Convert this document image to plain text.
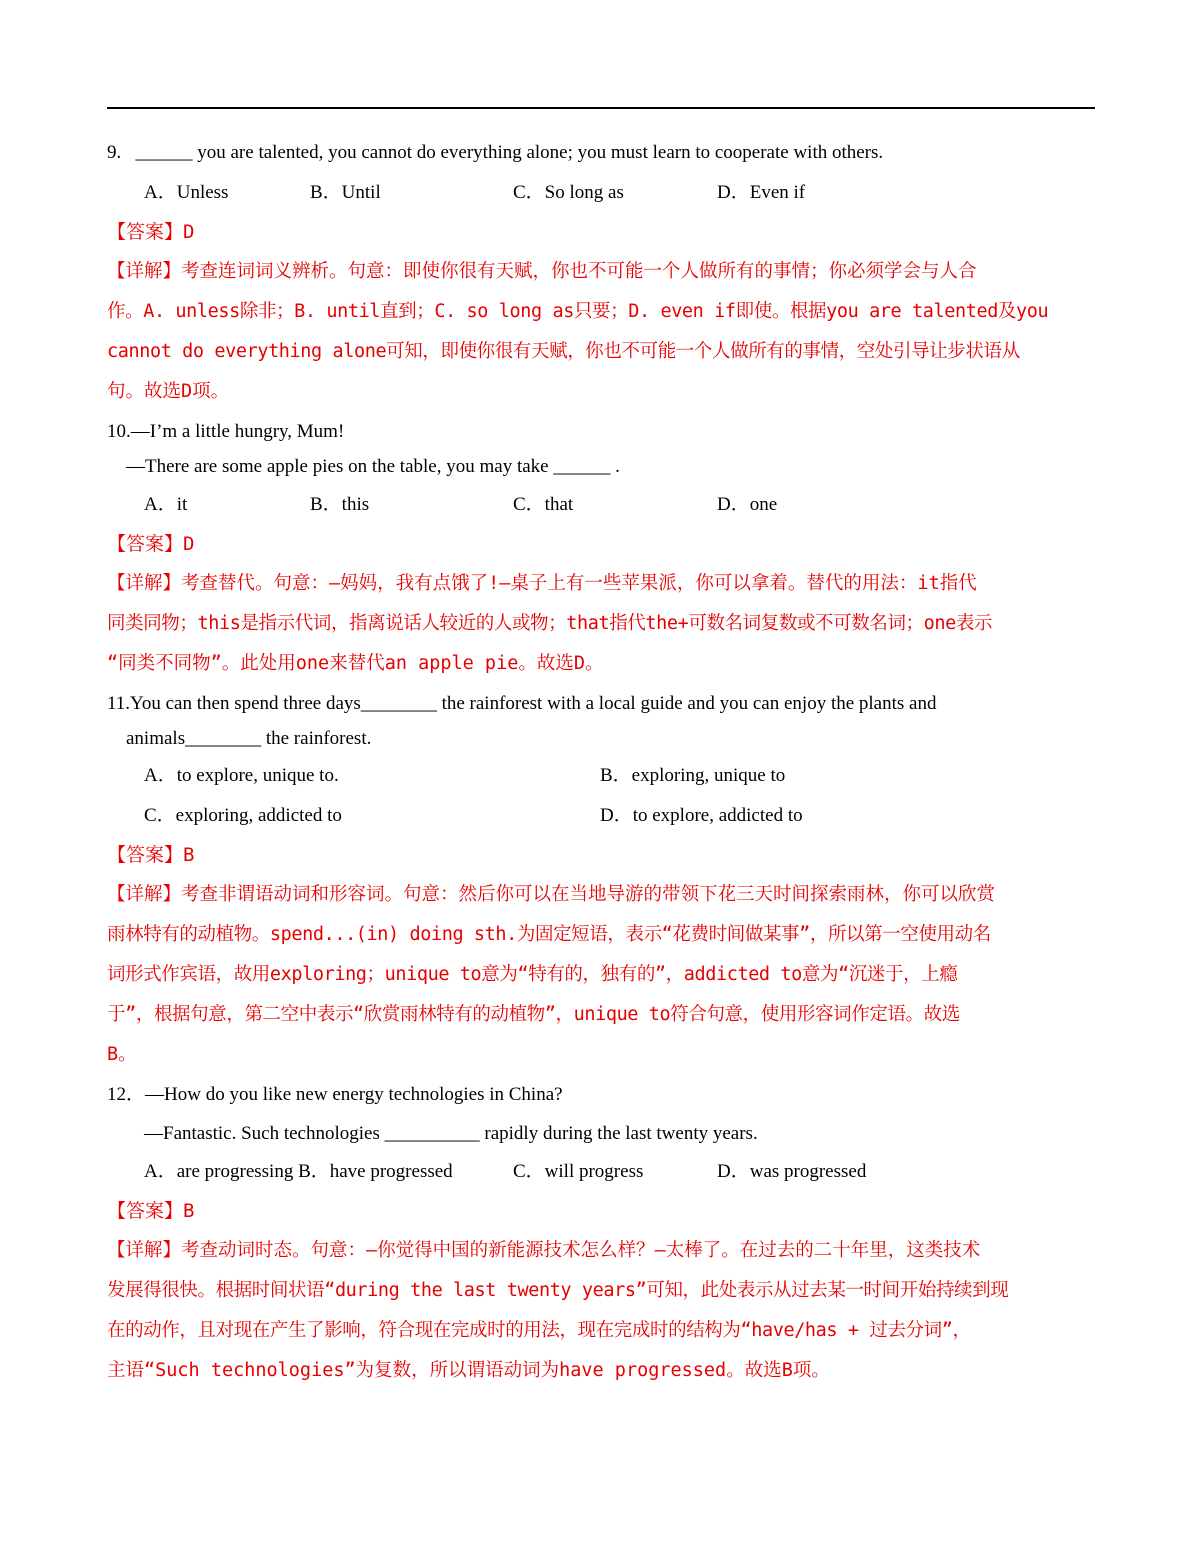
9.   ______ you are talented, you cannot do everything alone; you must learn to cooperate with others.
A．Unless	B．Until	C．So long as	D．Even if
【答案】D
【详解】考查连词词义辨析。句意：即使你很有天赋，你也不可能一个人做所有的事情；你必须学会与人合
作。A. unless除非；B. until直到；C. so long as只要；D. even if即使。根据you are talented及you
cannot do everything alone可知，即使你很有天赋，你也不可能一个人做所有的事情，空处引导让步状语从
句。故选D项。
10.—I’m a little hungry, Mum!
—There are some apple pies on the table, you may take ______ .
A．it	B．this	C．that	D．one
【答案】D
【详解】考查替代。句意：—妈妈，我有点饿了!—桌子上有一些苹果派，你可以拿着。替代的用法：it指代
同类同物；this是指示代词，指离说话人较近的人或物；that指代the+可数名词复数或不可数名词；one表示
“同类不同物”。此处用one来替代an apple pie。故选D。
11.You can then spend three days________ the rainforest with a local guide and you can enjoy the plants and
animals________ the rainforest.
A．to explore, unique to.	B．exploring, unique to
C．exploring, addicted to	D．to explore, addicted to
【答案】B
【详解】考查非谓语动词和形容词。句意：然后你可以在当地导游的带领下花三天时间探索雨林，你可以欣赏
雨林特有的动植物。spend...(in) doing sth.为固定短语，表示“花费时间做某事”，所以第一空使用动名
词形式作宾语，故用exploring；unique to意为“特有的，独有的”，addicted to意为“沉迷于，上瘾
于”，根据句意，第二空中表示“欣赏雨林特有的动植物”，unique to符合句意，使用形容词作定语。故选
B。
12．—How do you like new energy technologies in China?
—Fantastic. Such technologies __________ rapidly during the last twenty years.
A．are progressing B．have progressed	C．will progress	D．was progressed
【答案】B
【详解】考查动词时态。句意：—你觉得中国的新能源技术怎么样？—太棒了。在过去的二十年里，这类技术
发展得很快。根据时间状语“during the last twenty years”可知，此处表示从过去某一时间开始持续到现
在的动作，且对现在产生了影响，符合现在完成时的用法，现在完成时的结构为“have/has + 过去分词”，
主语“Such technologies”为复数，所以谓语动词为have progressed。故选B项。
